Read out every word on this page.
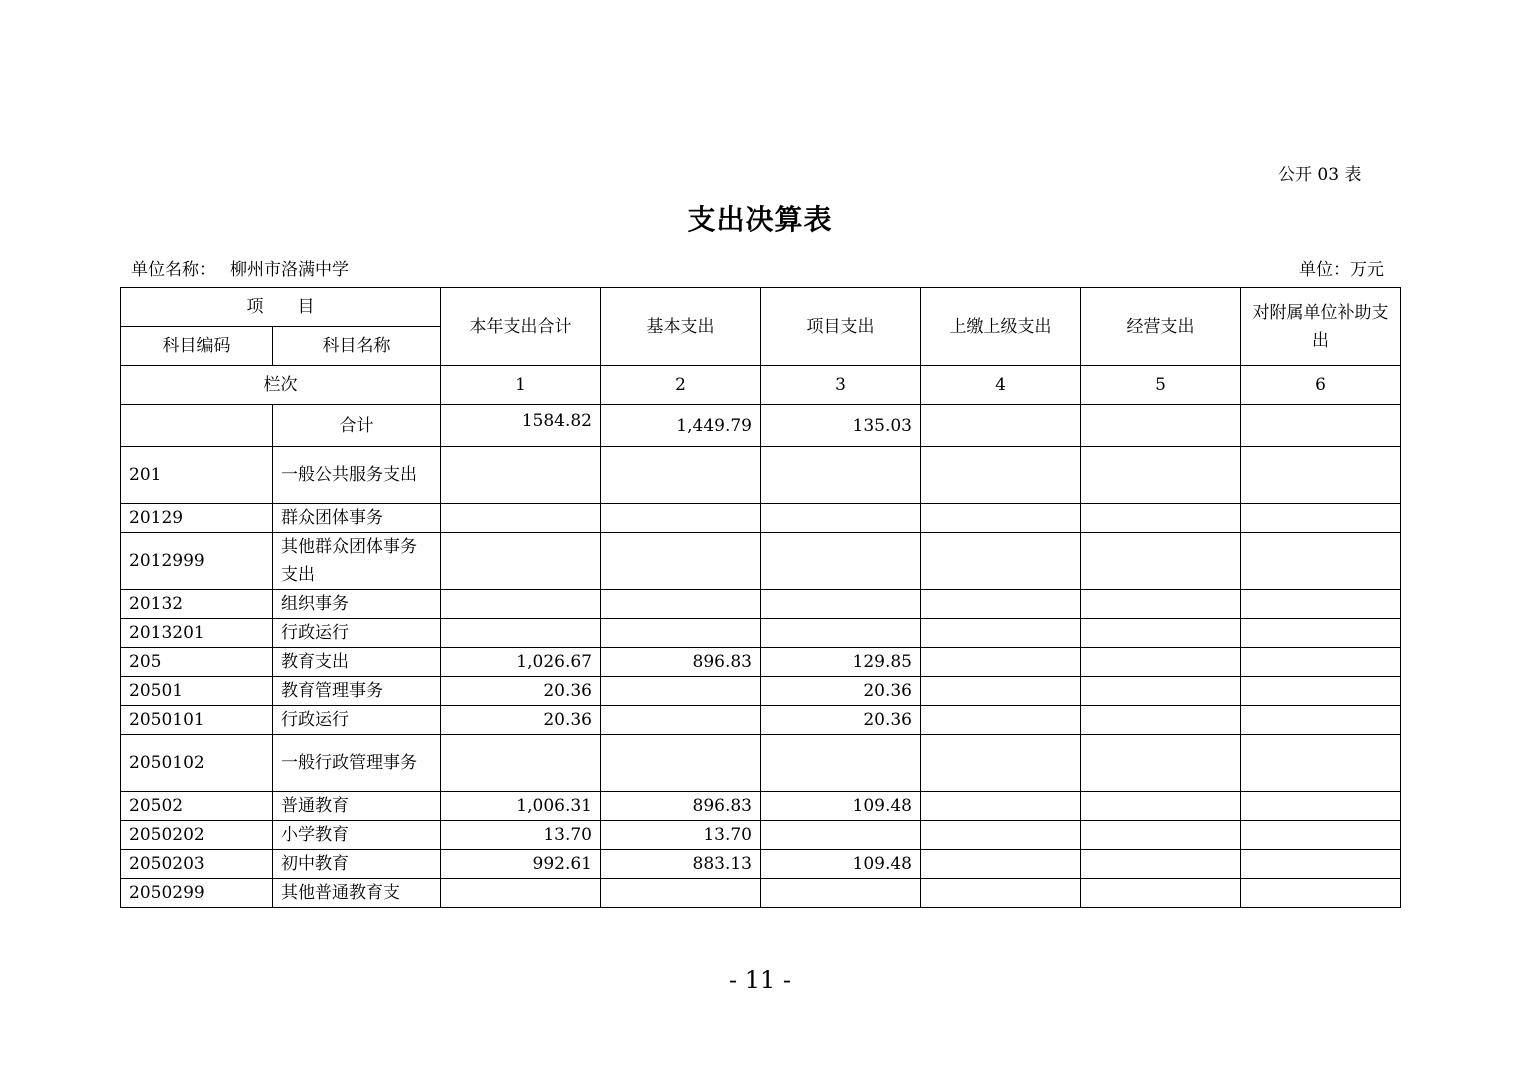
公开 03 表
支出决算表
单位名称： 柳州市洛满中学	单位：万元
项　　目		本年支出合计	基本支出	项目支出	上缴上级支出	经营支出	对附属单位补助支出
科目编码	科目名称						
栏次		1	2	3	4	5	6
	合计	1584.82	1,449.79	135.03			
201	一般公共服务支出						
20129	群众团体事务						
2012999	其他群众团体事务支出						
20132	组织事务						
2013201	行政运行						
205	教育支出	1,026.67	896.83	129.85			
20501	教育管理事务	20.36		20.36			
2050101	行政运行	20.36		20.36			
2050102	一般行政管理事务						
20502	普通教育	1,006.31	896.83	109.48			
2050202	小学教育	13.70	13.70				
2050203	初中教育	992.61	883.13	109.48			
2050299	其他普通教育支						
- 11 -
